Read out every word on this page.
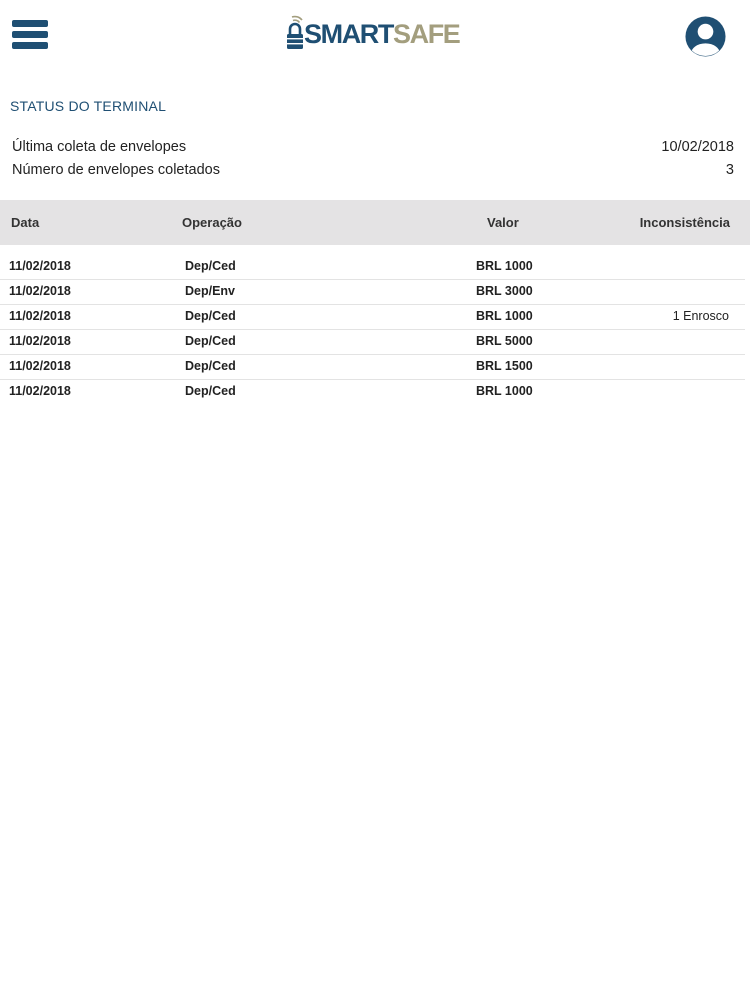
SMARTSAFE
STATUS DO TERMINAL
Última coleta de envelopes	10/02/2018
Número de envelopes coletados	3
Data	Operação	Valor	Inconsistência
11/02/2018	Dep/Ced	BRL 1000
11/02/2018	Dep/Env	BRL 3000
11/02/2018	Dep/Ced	BRL 1000	1 Enrosco
11/02/2018	Dep/Ced	BRL 5000
11/02/2018	Dep/Ced	BRL 1500
11/02/2018	Dep/Ced	BRL 1000
